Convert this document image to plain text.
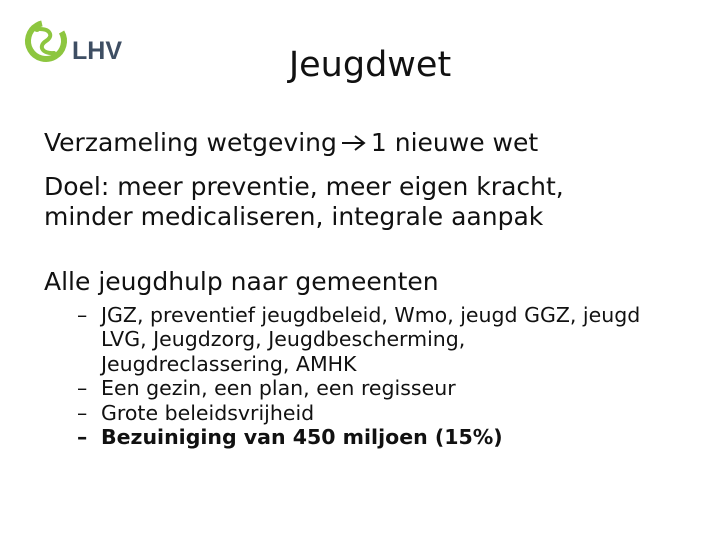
LHV	Jeugdwet
Verzameling wetgeving 1 nieuwe wet
Doel: meer preventie, meer eigen kracht,
minder medicaliseren, integrale aanpak
Alle jeugdhulp naar gemeenten
– JGZ, preventief jeugdbeleid, Wmo, jeugd GGZ, jeugd
LVG, Jeugdzorg, Jeugdbescherming,
Jeugdreclassering, AMHK
– Een gezin, een plan, een regisseur
– Grote beleidsvrijheid
– Bezuiniging van 450 miljoen (15%)
